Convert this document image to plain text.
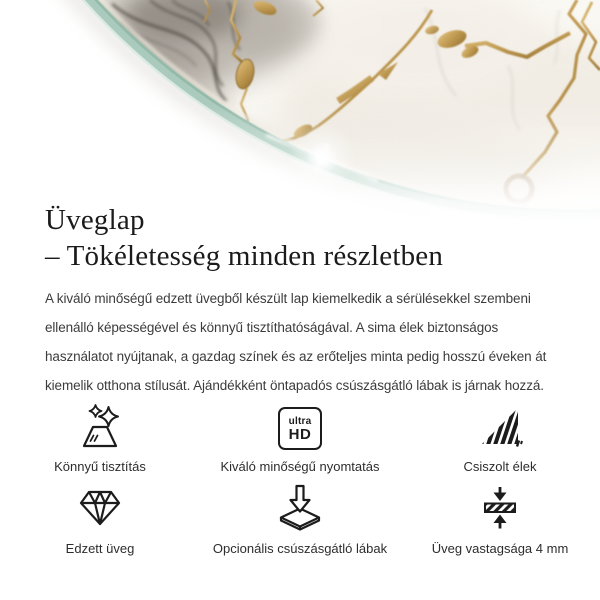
Üveglap
– Tökéletesség minden részletben
A kiváló minőségű edzett üvegből készült lap kiemelkedik a sérülésekkel szembeni ellenálló képességével és könnyű tisztíthatóságával. A sima élek biztonságos használatot nyújtanak, a gazdag színek és az erőteljes minta pedig hosszú éveken át kiemelik otthona stílusát. Ajándékként öntapadós csúszásgátló lábak is járnak hozzá.
Könnyű tisztítás
ultra
HD
Kiváló minőségű nyomtatás	Csiszolt élek
Edzett üveg	Opcionális csúszásgátló lábak	Üveg vastagsága 4 mm
